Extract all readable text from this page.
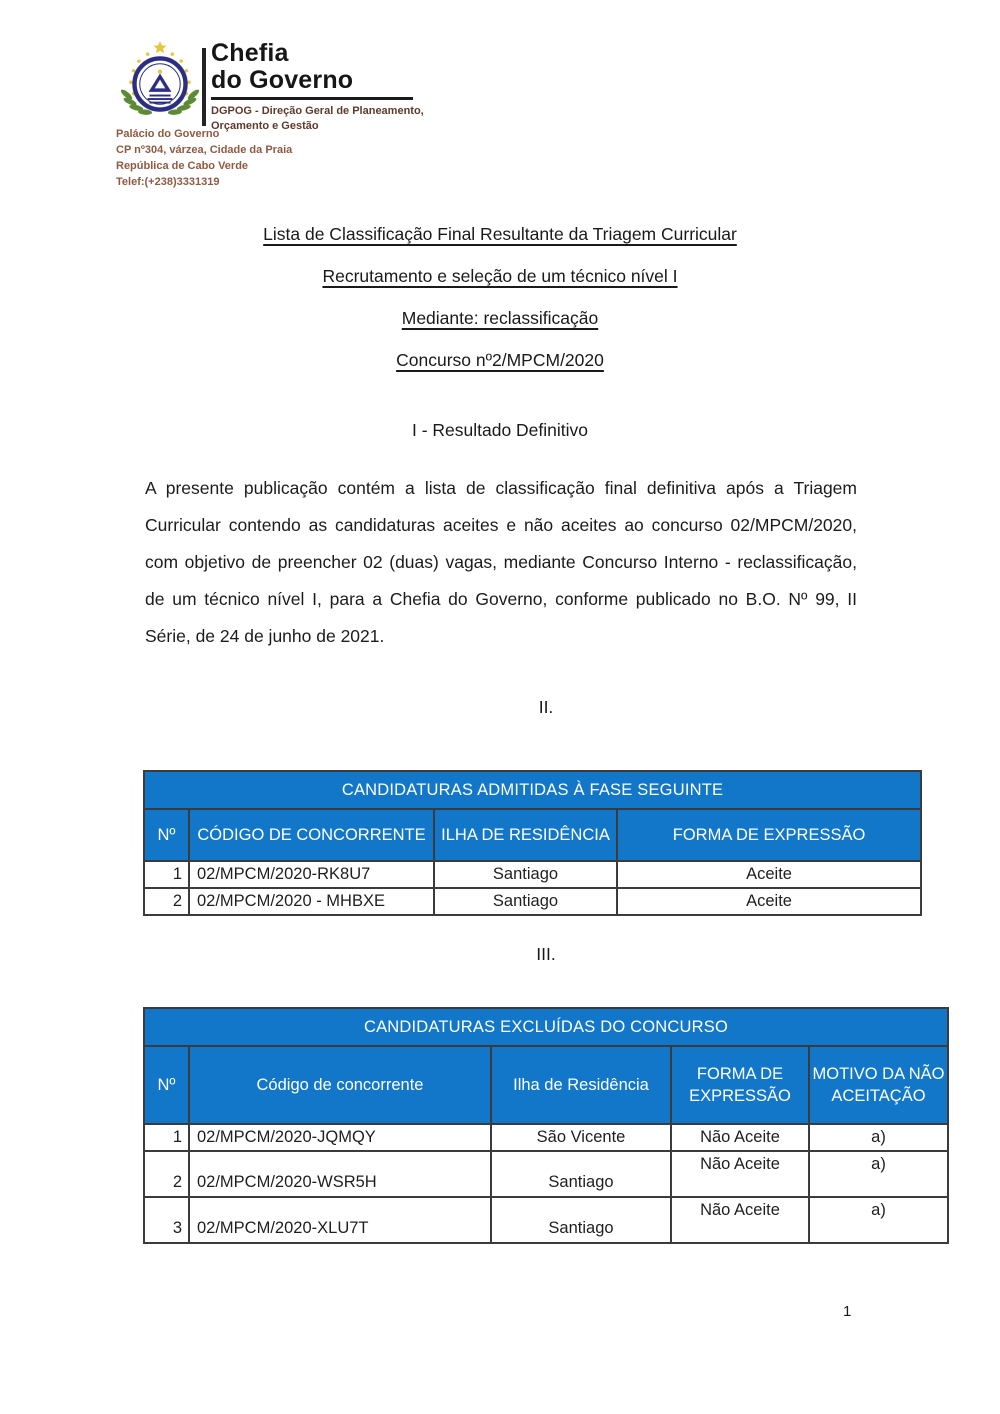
Chefia
do Governo
DGPOG - Direção Geral de Planeamento,
Orçamento e Gestão
Palácio do Governo
CP nº304, várzea, Cidade da Praia
República de Cabo Verde
Telef:(+238)3331319
Lista de Classificação Final Resultante da Triagem Curricular
Recrutamento e seleção de um técnico nível I
Mediante: reclassificação
Concurso nº2/MPCM/2020
I - Resultado Definitivo
A presente publicação contém a lista de classificação final definitiva após a Triagem Curricular contendo as candidaturas aceites e não aceites ao concurso 02/MPCM/2020, com objetivo de preencher 02 (duas) vagas, mediante Concurso Interno - reclassificação, de um técnico nível I, para a Chefia do Governo, conforme publicado no B.O. Nº 99, II Série, de 24 de junho de 2021.
II.
CANDIDATURAS ADMITIDAS À FASE SEGUINTE			
Nº	CÓDIGO DE CONCORRENTE	ILHA DE RESIDÊNCIA	FORMA DE EXPRESSÃO
1	02/MPCM/2020-RK8U7	Santiago	Aceite
2	02/MPCM/2020 - MHBXE	Santiago	Aceite
III.
CANDIDATURAS EXCLUÍDAS DO CONCURSO				
Nº	Código de concorrente	Ilha de Residência	FORMA DE EXPRESSÃO	MOTIVO DA NÃO ACEITAÇÃO
1	02/MPCM/2020-JQMQY	São Vicente	Não Aceite	a)
2	02/MPCM/2020-WSR5H	Santiago	Não Aceite	a)
3	02/MPCM/2020-XLU7T	Santiago	Não Aceite	a)
1
